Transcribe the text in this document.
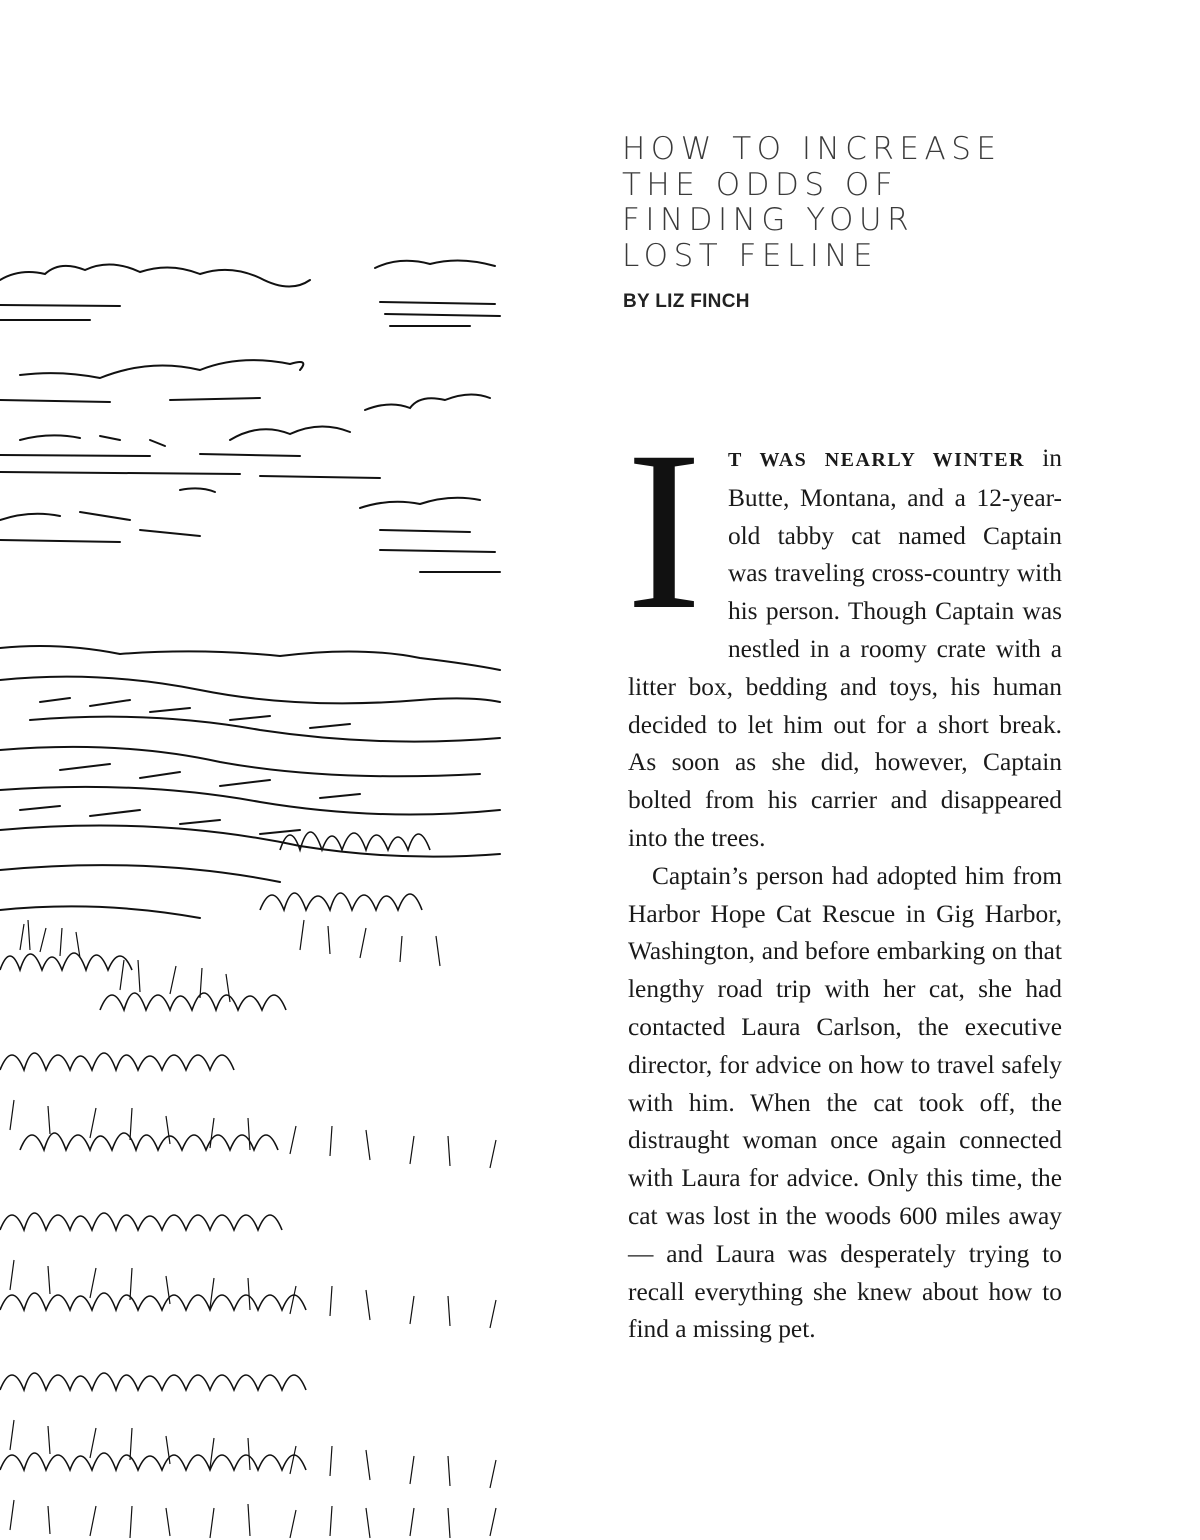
HOW TO INCREASE THE ODDS OF FINDING YOUR LOST FELINE
BY LIZ FINCH

I T WAS NEARLY WINTER in Butte, Montana, and a 12-year-old tabby cat named Captain was traveling cross-country with his person. Though Captain was nestled in a roomy crate with a litter box, bedding and toys, his human decided to let him out for a short break. As soon as she did, however, Captain bolted from his carrier and disappeared into the trees.

Captain’s person had adopted him from Harbor Hope Cat Rescue in Gig Harbor, Washington, and before embarking on that lengthy road trip with her cat, she had contacted Laura Carlson, the executive director, for advice on how to travel safely with him. When the cat took off, the distraught woman once again connected with Laura for advice. Only this time, the cat was lost in the woods 600 miles away — and Laura was desperately trying to recall everything she knew about how to find a missing pet.
